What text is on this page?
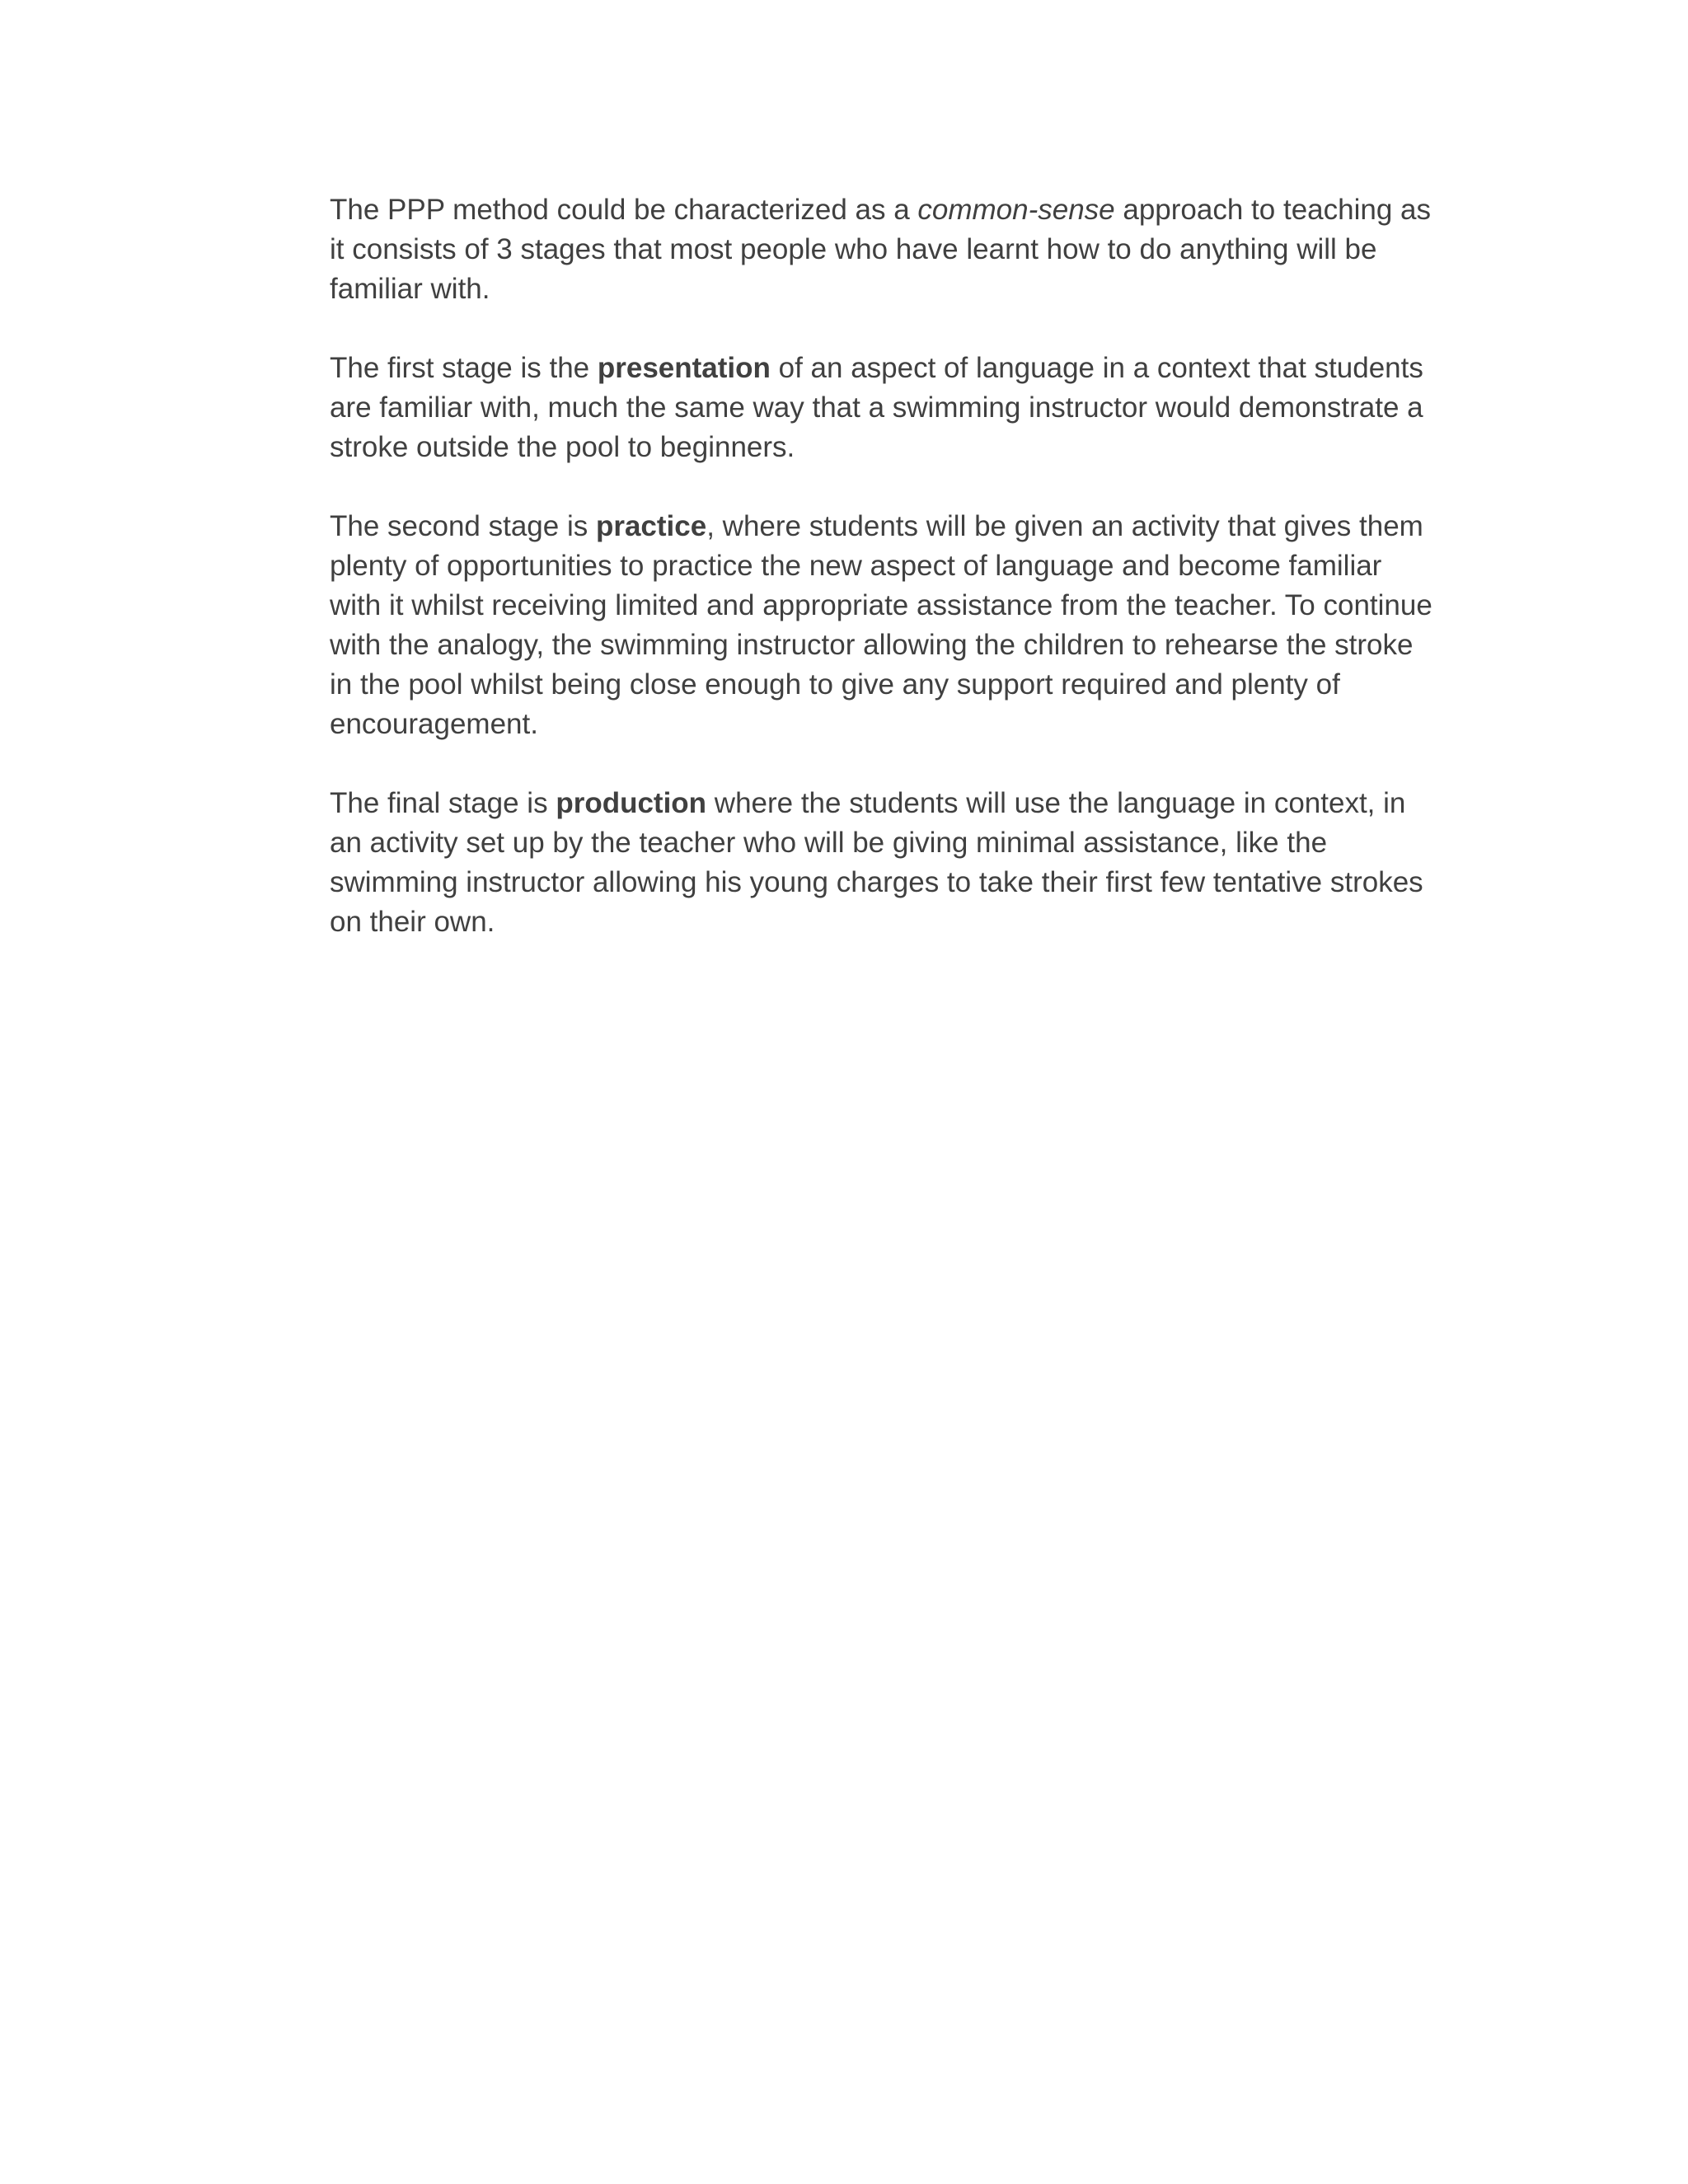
The PPP method could be characterized as a common-sense approach to teaching as it consists of 3 stages that most people who have learnt how to do anything will be familiar with.

The first stage is the presentation of an aspect of language in a context that students are familiar with, much the same way that a swimming instructor would demonstrate a stroke outside the pool to beginners.

The second stage is practice, where students will be given an activity that gives them plenty of opportunities to practice the new aspect of language and become familiar with it whilst receiving limited and appropriate assistance from the teacher. To continue with the analogy, the swimming instructor allowing the children to rehearse the stroke in the pool whilst being close enough to give any support required and plenty of encouragement.

The final stage is production where the students will use the language in context, in an activity set up by the teacher who will be giving minimal assistance, like the swimming instructor allowing his young charges to take their first few tentative strokes on their own.
